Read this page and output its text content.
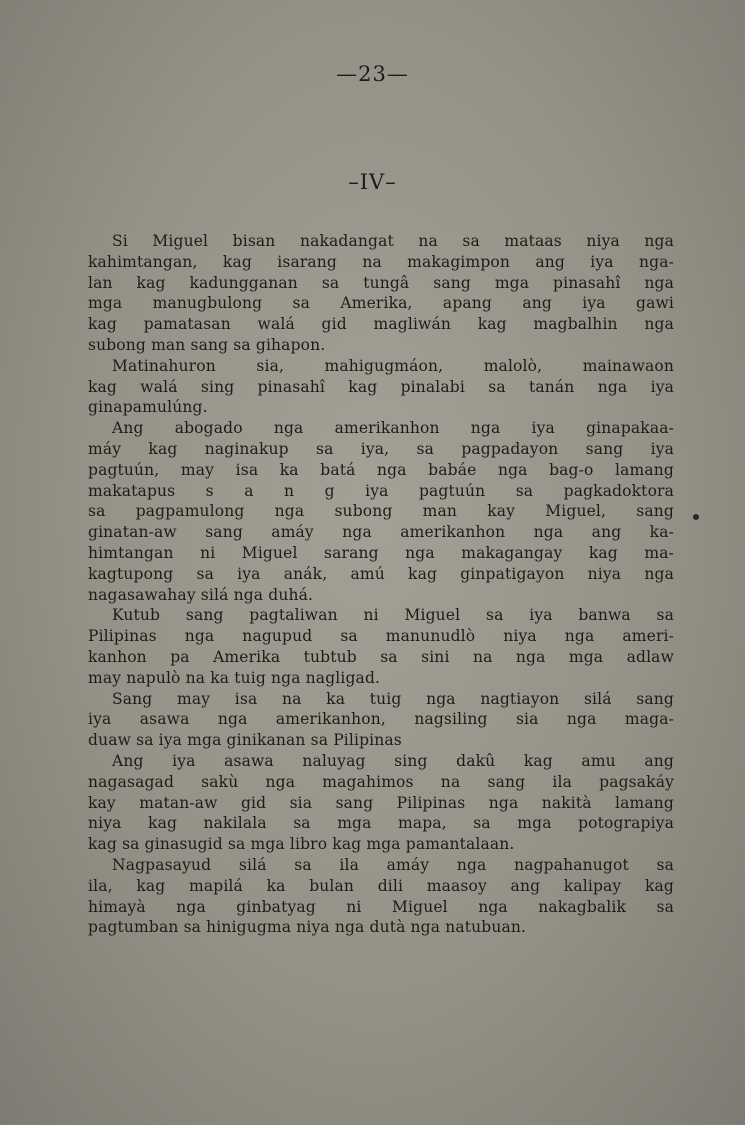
—23—
–IV–

Si Miguel bisan nakadangat na sa mataas niya nga
kahimtangan, kag isarang na makagimpon ang iya nga-
lan kag kadungganan sa tungâ sang mga pinasahî nga
mga manugbulong sa Amerika, apang ang iya gawi
kag pamatasan walá gid magliwán kag magbalhin nga
subong man sang sa gihapon.

Matinahuron sia, mahigugmáon, malolò, mainawaon
kag walá sing pinasahî kag pinalabi sa tanán nga iya
ginapamulúng.

Ang abogado nga amerikanhon nga iya ginapakaa-
máy kag naginakup sa iya, sa pagpadayon sang iya
pagtuún, may isa ka batá nga babáe nga bag-o lamang
makatapus s a n g iya pagtuún sa pagkadoktora
sa pagpamulong nga subong man kay Miguel, sang
ginatan-aw sang amáy nga amerikanhon nga ang ka-
himtangan ni Miguel sarang nga makagangay kag ma-
kagtupong sa iya anák, amú kag ginpatigayon niya nga
nagasawahay silá nga duhá.

Kutub sang pagtaliwan ni Miguel sa iya banwa sa
Pilipinas nga nagupud sa manunudlò niya nga ameri-
kanhon pa Amerika tubtub sa sini na nga mga adlaw
may napulò na ka tuig nga nagligad.

Sang may isa na ka tuig nga nagtiayon silá sang
iya asawa nga amerikanhon, nagsiling sia nga maga-
duaw sa iya mga ginikanan sa Pilipinas

Ang iya asawa naluyag sing dakû kag amu ang
nagasagad sakù nga magahimos na sang ila pagsakáy
kay matan-aw gid sia sang Pilipinas nga nakità lamang
niya kag nakilala sa mga mapa, sa mga potograpiya
kag sa ginasugid sa mga libro kag mga pamantalaan.

Nagpasayud silá sa ila amáy nga nagpahanugot sa
ila, kag mapilá ka bulan dili maasoy ang kalipay kag
himayà nga ginbatyag ni Miguel nga nakagbalik sa
pagtumban sa hinigugma niya nga dutà nga natubuan.
